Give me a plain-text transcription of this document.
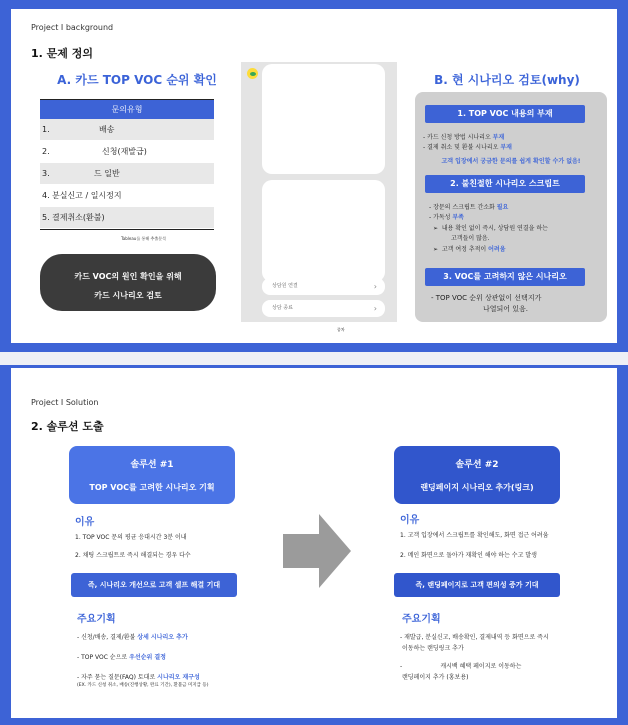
Project I background
1. 문제 정의
A. 카드 TOP VOC 순위 확인
문의유형
1.	배송
2.	신청(재발급)
3.	드 일반
4. 분실신고 / 일시정지
5. 결제취소(환불)
Tableau를 통해 추출분석
카드 VOC의 원인 확인을 위해
카드 시나리오 검토
상담원 연결	›
상담 종료	›
종차
B. 현 시나리오 검토(why)
1. TOP VOC 내용의 부재
- 카드 신청 방법 시나리오 부재
- 결제 취소 및 환불 시나리오 부재
고객 입장에서 궁금한 문의를 쉽게 확인할 수가 없음!
2. 불친절한 시나리오 스크립트
- 장문의 스크립트 간소화 필요
- 가독성 부족
➢  내용 확인 없이 즉시, 상담원 연결을 하는
고객들이 많음.
➢  고객 여정 추적이 어려움
3. VOC를 고려하지 않은 시나리오
- TOP VOC 순위 상관없이 선택지가
나열되어 있음.
Project I Solution
2. 솔루션 도출
솔루션 #1
TOP VOC를 고려한 시나리오 기획
이유
1. TOP VOC 문의 평균 응대시간 3분 이내
2. 채팅 스크립트로 즉시 해결되는 경우 다수
즉, 시나리오 개선으로 고객 셀프 해결 기대
주요기획
- 신청/배송, 결제/환불 상세 시나리오 추가
- TOP VOC 순으로 우선순위 결정
- 자주 묻는 질문(FAQ) 토대로 시나리오 재구성
(EX. 카드 신청 취소, 배송(진행상황, 완료 기간), 환불금 미지급 등)
솔루션 #2
랜딩페이지 시나리오 추가(링크)
이유
1. 고객 입장에서 스크립트를 확인해도, 화면 접근 어려움
2. 메인 화면으로 돌아가 재확인 해야 하는 수고 발생
즉, 랜딩페이지로 고객 편의성 증가 기대
주요기획
- 재발급, 분실신고, 배송확인, 결제내역 등 화면으로 즉시
이동하는 랜딩링크 추가
-                    캐시백 혜택 페이지로 이동하는
랜딩페이지 추가 (홍보용)
